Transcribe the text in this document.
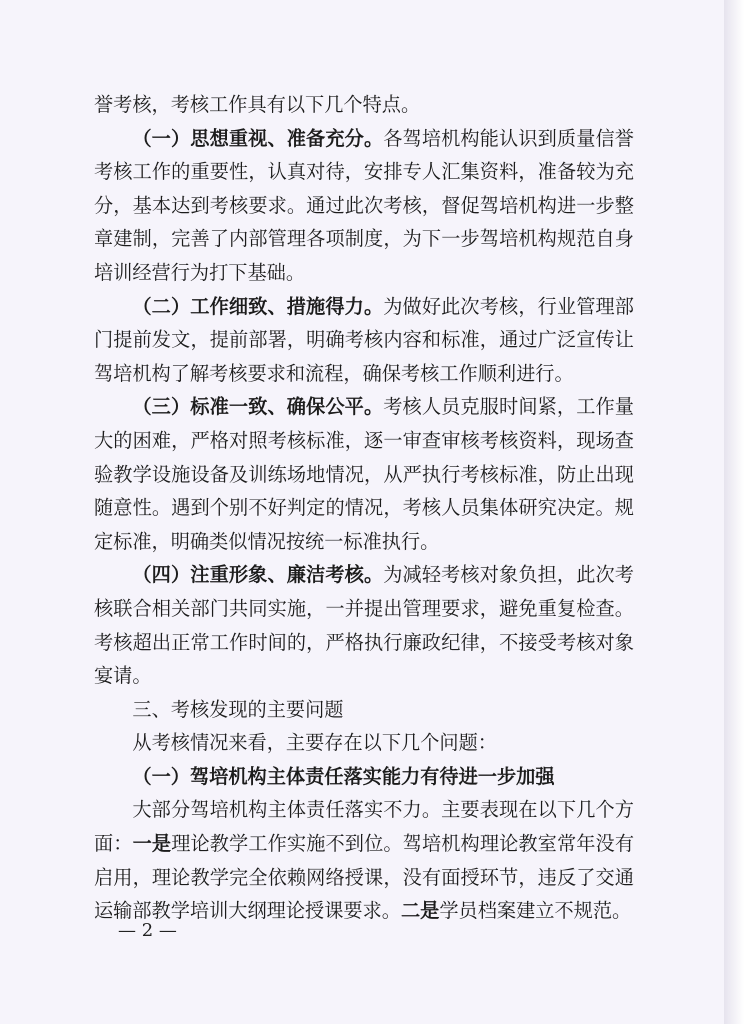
誉考核，考核工作具有以下几个特点。

（一）思想重视、准备充分。各驾培机构能认识到质量信誉考核工作的重要性，认真对待，安排专人汇集资料，准备较为充分，基本达到考核要求。通过此次考核，督促驾培机构进一步整章建制，完善了内部管理各项制度，为下一步驾培机构规范自身培训经营行为打下基础。

（二）工作细致、措施得力。为做好此次考核，行业管理部门提前发文，提前部署，明确考核内容和标准，通过广泛宣传让驾培机构了解考核要求和流程，确保考核工作顺利进行。

（三）标准一致、确保公平。考核人员克服时间紧，工作量大的困难，严格对照考核标准，逐一审查审核考核资料，现场查验教学设施设备及训练场地情况，从严执行考核标准，防止出现随意性。遇到个别不好判定的情况，考核人员集体研究决定。规定标准，明确类似情况按统一标准执行。

（四）注重形象、廉洁考核。为减轻考核对象负担，此次考核联合相关部门共同实施，一并提出管理要求，避免重复检查。考核超出正常工作时间的，严格执行廉政纪律，不接受考核对象宴请。

三、考核发现的主要问题

从考核情况来看，主要存在以下几个问题：

（一）驾培机构主体责任落实能力有待进一步加强

大部分驾培机构主体责任落实不力。主要表现在以下几个方面：一是理论教学工作实施不到位。驾培机构理论教室常年没有启用，理论教学完全依赖网络授课，没有面授环节，违反了交通运输部教学培训大纲理论授课要求。二是学员档案建立不规范。

— 2 —
